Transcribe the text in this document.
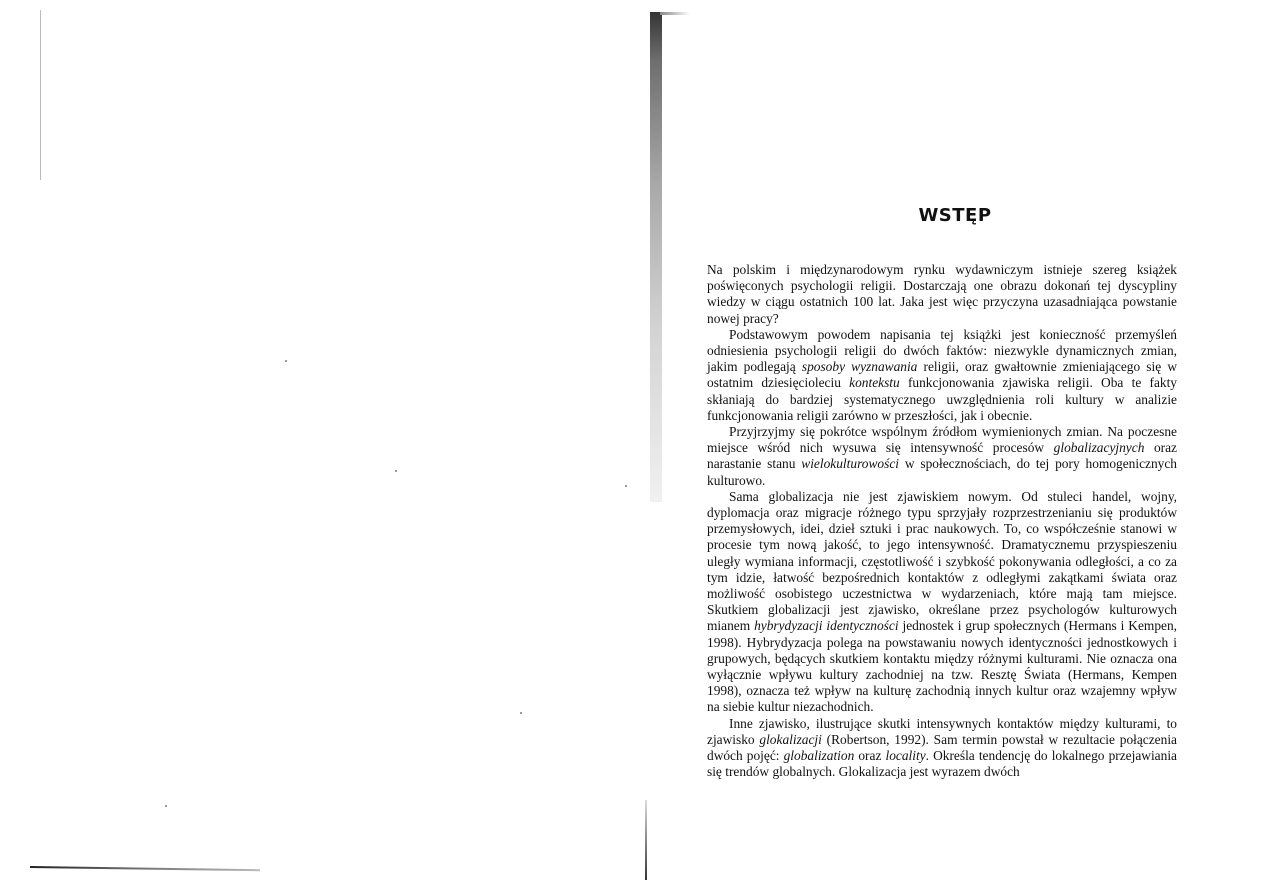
WSTĘP

Na polskim i międzynarodowym rynku wydawniczym istnieje szereg książek poświęconych psychologii religii. Dostarczają one obrazu dokonań tej dyscypliny wiedzy w ciągu ostatnich 100 lat. Jaka jest więc przyczyna uzasadniająca powstanie nowej pracy?

Podstawowym powodem napisania tej książki jest konieczność przemyśleń odniesienia psychologii religii do dwóch faktów: niezwykle dynamicznych zmian, jakim podlegają sposoby wyznawania religii, oraz gwałtownie zmieniającego się w ostatnim dziesięcioleciu kontekstu funkcjonowania zjawiska religii. Oba te fakty skłaniają do bardziej systematycznego uwzględnienia roli kultury w analizie funkcjonowania religii zarówno w przeszłości, jak i obecnie.

Przyjrzyjmy się pokrótce wspólnym źródłom wymienionych zmian. Na poczesne miejsce wśród nich wysuwa się intensywność procesów globalizacyjnych oraz narastanie stanu wielokulturowości w społecznościach, do tej pory homogenicznych kulturowo.

Sama globalizacja nie jest zjawiskiem nowym. Od stuleci handel, wojny, dyplomacja oraz migracje różnego typu sprzyjały rozprzestrzenianiu się produktów przemysłowych, idei, dzieł sztuki i prac naukowych. To, co współcześnie stanowi w procesie tym nową jakość, to jego intensywność. Dramatycznemu przyspieszeniu uległy wymiana informacji, częstotliwość i szybkość pokonywania odległości, a co za tym idzie, łatwość bezpośrednich kontaktów z odległymi zakątkami świata oraz możliwość osobistego uczestnictwa w wydarzeniach, które mają tam miejsce. Skutkiem globalizacji jest zjawisko, określane przez psychologów kulturowych mianem hybrydyzacji identyczności jednostek i grup społecznych (Hermans i Kempen, 1998). Hybrydyzacja polega na powstawaniu nowych identyczności jednostkowych i grupowych, będących skutkiem kontaktu między różnymi kulturami. Nie oznacza ona wyłącznie wpływu kultury zachodniej na tzw. Resztę Świata (Hermans, Kempen 1998), oznacza też wpływ na kulturę zachodnią innych kultur oraz wzajemny wpływ na siebie kultur niezachodnich.

Inne zjawisko, ilustrujące skutki intensywnych kontaktów między kulturami, to zjawisko glokalizacji (Robertson, 1992). Sam termin powstał w rezultacie połączenia dwóch pojęć: globalization oraz locality. Określa tendencję do lokalnego przejawiania się trendów globalnych. Glokalizacja jest wyrazem dwóch
